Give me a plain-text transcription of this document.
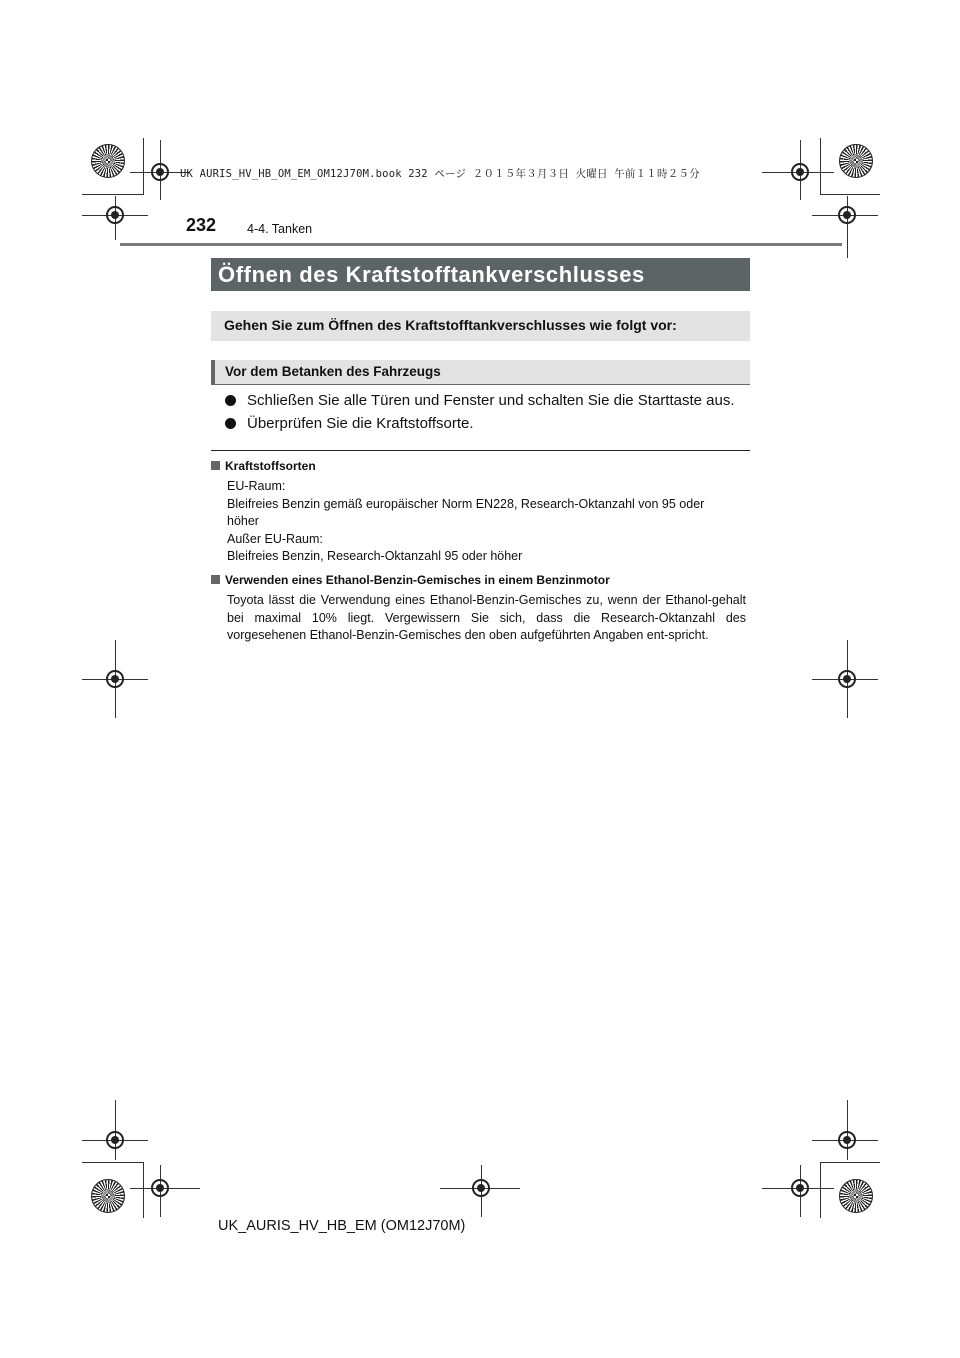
UK AURIS_HV_HB_OM_EM_OM12J70M.book 232 ページ ２０１５年３月３日 火曜日 午前１１時２５分
232 4-4. Tanken
Öffnen des Kraftstofftankverschlusses
Gehen Sie zum Öffnen des Kraftstofftankverschlusses wie folgt vor:
Vor dem Betanken des Fahrzeugs
Schließen Sie alle Türen und Fenster und schalten Sie die Starttaste aus.
Überprüfen Sie die Kraftstoffsorte.
Kraftstoffsorten
EU-Raum:
Bleifreies Benzin gemäß europäischer Norm EN228, Research-Oktanzahl von 95 oder
höher
Außer EU-Raum:
Bleifreies Benzin, Research-Oktanzahl 95 oder höher
Verwenden eines Ethanol-Benzin-Gemisches in einem Benzinmotor
Toyota lässt die Verwendung eines Ethanol-Benzin-Gemisches zu, wenn der Ethanol-gehalt bei maximal 10% liegt. Vergewissern Sie sich, dass die Research-Oktanzahl des vorgesehenen Ethanol-Benzin-Gemisches den oben aufgeführten Angaben ent-spricht.
UK_AURIS_HV_HB_EM (OM12J70M)
